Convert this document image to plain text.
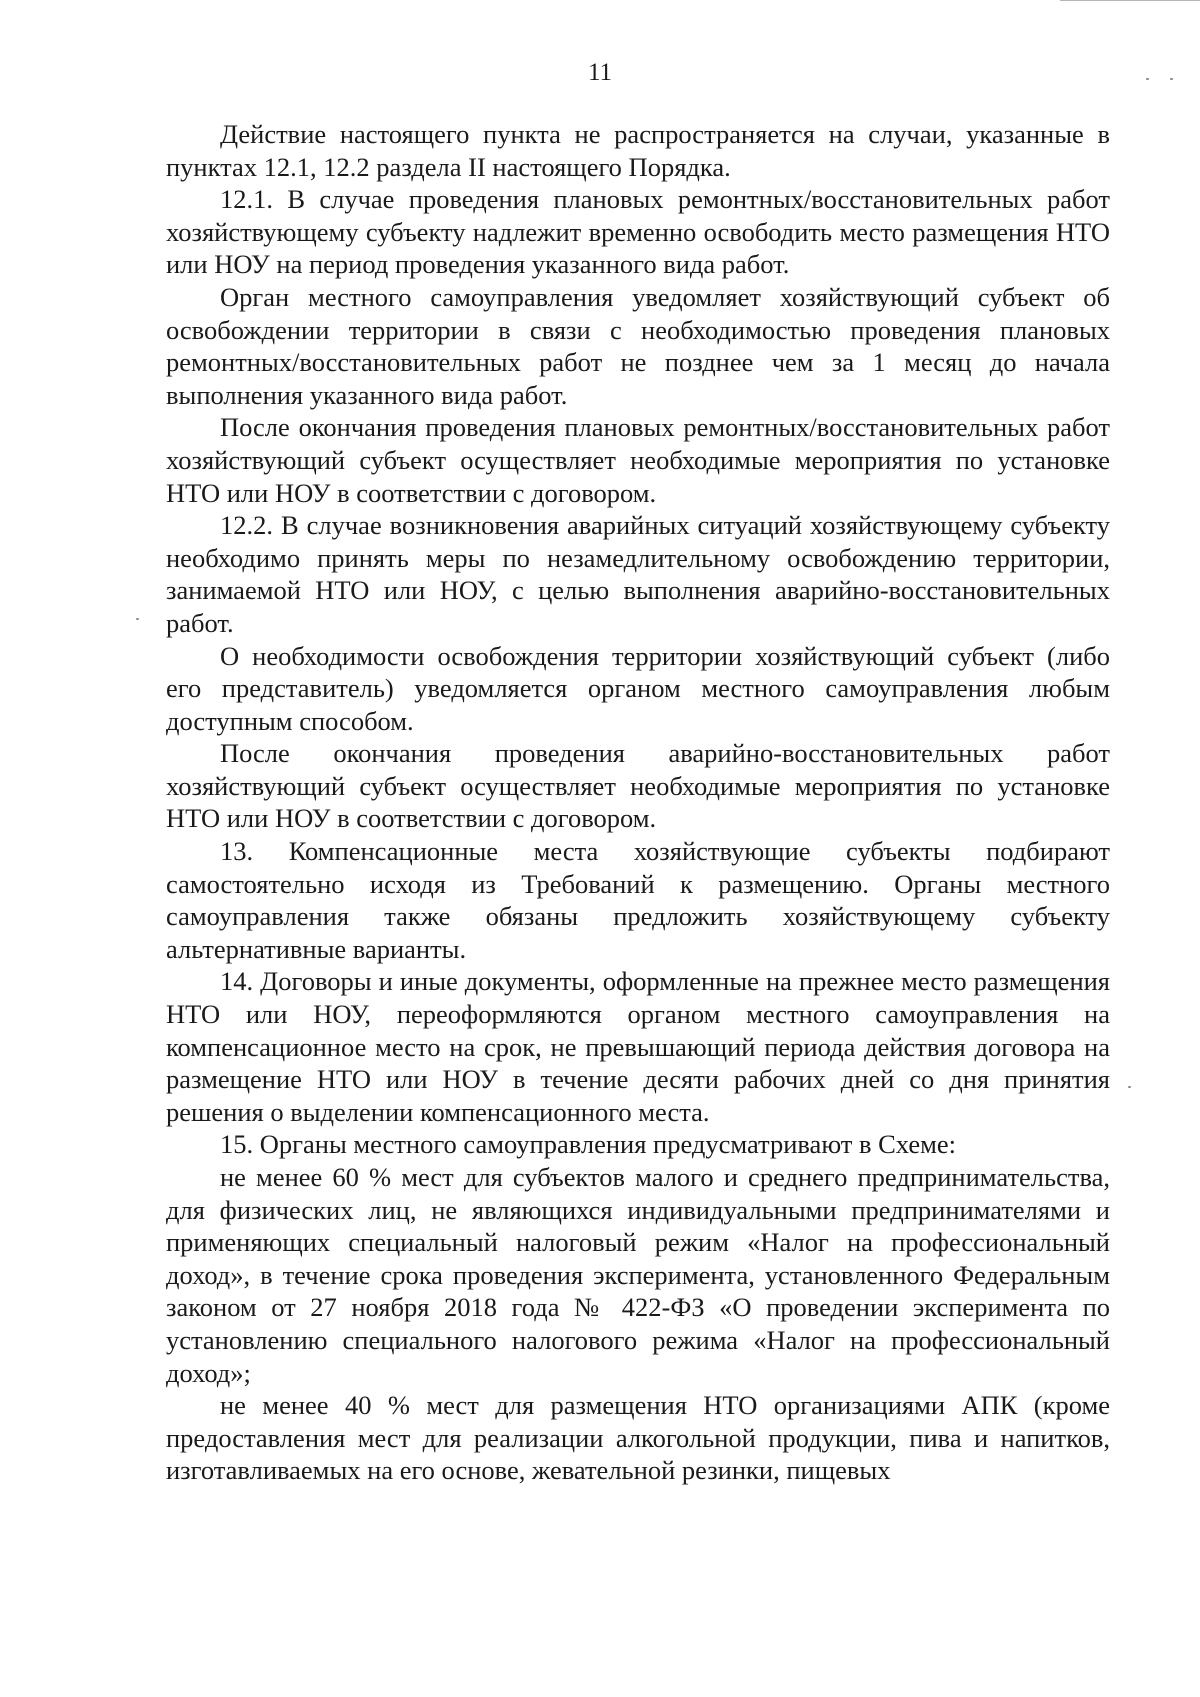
11

Действие настоящего пункта не распространяется на случаи, указанные в пунктах 12.1, 12.2 раздела II настоящего Порядка.

12.1. В случае проведения плановых ремонтных/восстановительных работ хозяйствующему субъекту надлежит временно освободить место размещения НТО или НОУ на период проведения указанного вида работ.

Орган местного самоуправления уведомляет хозяйствующий субъект об освобождении территории в связи с необходимостью проведения плановых ремонтных/восстановительных работ не позднее чем за 1 месяц до начала выполнения указанного вида работ.

После окончания проведения плановых ремонтных/восстановительных работ хозяйствующий субъект осуществляет необходимые мероприятия по установке НТО или НОУ в соответствии с договором.

12.2. В случае возникновения аварийных ситуаций хозяйствующему субъекту необходимо принять меры по незамедлительному освобождению территории, занимаемой НТО или НОУ, с целью выполнения аварийно-восстановительных работ.

О необходимости освобождения территории хозяйствующий субъект (либо его представитель) уведомляется органом местного самоуправления любым доступным способом.

После окончания проведения аварийно-восстановительных работ хозяйствующий субъект осуществляет необходимые мероприятия по установке НТО или НОУ в соответствии с договором.

13. Компенсационные места хозяйствующие субъекты подбирают самостоятельно исходя из Требований к размещению. Органы местного самоуправления также обязаны предложить хозяйствующему субъекту альтернативные варианты.

14. Договоры и иные документы, оформленные на прежнее место размещения НТО или НОУ, переоформляются органом местного самоуправления на компенсационное место на срок, не превышающий периода действия договора на размещение НТО или НОУ в течение десяти рабочих дней со дня принятия решения о выделении компенсационного места.

15. Органы местного самоуправления предусматривают в Схеме:

не менее 60 % мест для субъектов малого и среднего предпринимательства, для физических лиц, не являющихся индивидуальными предпринимателями и применяющих специальный налоговый режим «Налог на профессиональный доход», в течение срока проведения эксперимента, установленного Федеральным законом от 27 ноября 2018 года № 422-ФЗ «О проведении эксперимента по установлению специального налогового режима «Налог на профессиональный доход»;

не менее 40 % мест для размещения НТО организациями АПК (кроме предоставления мест для реализации алкогольной продукции, пива и напитков, изготавливаемых на его основе, жевательной резинки, пищевых
